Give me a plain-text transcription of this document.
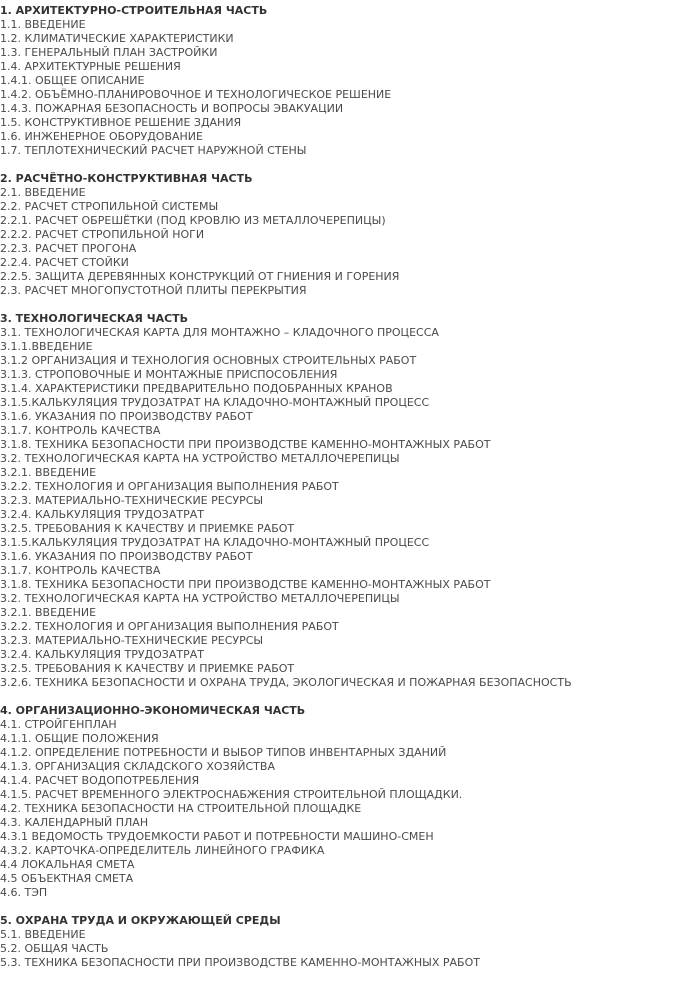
1. АРХИТЕКТУРНО-СТРОИТЕЛЬНАЯ ЧАСТЬ
1.1. ВВЕДЕНИЕ
1.2. КЛИМАТИЧЕСКИЕ ХАРАКТЕРИСТИКИ
1.3. ГЕНЕРАЛЬНЫЙ ПЛАН ЗАСТРОЙКИ
1.4. АРХИТЕКТУРНЫЕ РЕШЕНИЯ
1.4.1. ОБЩЕЕ ОПИСАНИЕ
1.4.2. ОБЪЁМНО-ПЛАНИРОВОЧНОЕ И ТЕХНОЛОГИЧЕСКОЕ РЕШЕНИЕ
1.4.3. ПОЖАРНАЯ БЕЗОПАСНОСТЬ И ВОПРОСЫ ЭВАКУАЦИИ
1.5. КОНСТРУКТИВНОЕ РЕШЕНИЕ ЗДАНИЯ
1.6. ИНЖЕНЕРНОЕ ОБОРУДОВАНИЕ
1.7. ТЕПЛОТЕХНИЧЕСКИЙ РАСЧЕТ НАРУЖНОЙ СТЕНЫ
2. РАСЧЁТНО-КОНСТРУКТИВНАЯ ЧАСТЬ
2.1. ВВЕДЕНИЕ
2.2. РАСЧЕТ СТРОПИЛЬНОЙ СИСТЕМЫ
2.2.1. РАСЧЕТ ОБРЕШЁТКИ (ПОД КРОВЛЮ ИЗ МЕТАЛЛОЧЕРЕПИЦЫ)
2.2.2. РАСЧЕТ СТРОПИЛЬНОЙ НОГИ
2.2.3. РАСЧЕТ ПРОГОНА
2.2.4. РАСЧЕТ СТОЙКИ
2.2.5. ЗАЩИТА ДЕРЕВЯННЫХ КОНСТРУКЦИЙ ОТ ГНИЕНИЯ И ГОРЕНИЯ
2.3. РАСЧЕТ МНОГОПУСТОТНОЙ ПЛИТЫ ПЕРЕКРЫТИЯ
3. ТЕХНОЛОГИЧЕСКАЯ ЧАСТЬ
3.1. ТЕХНОЛОГИЧЕСКАЯ КАРТА ДЛЯ МОНТАЖНО – КЛАДОЧНОГО ПРОЦЕССА
3.1.1.ВВЕДЕНИЕ
3.1.2 ОРГАНИЗАЦИЯ И ТЕХНОЛОГИЯ ОСНОВНЫХ СТРОИТЕЛЬНЫХ РАБОТ
3.1.3. СТРОПОВОЧНЫЕ И МОНТАЖНЫЕ ПРИСПОСОБЛЕНИЯ
3.1.4. ХАРАКТЕРИСТИКИ ПРЕДВАРИТЕЛЬНО ПОДОБРАННЫХ КРАНОВ
3.1.5.КАЛЬКУЛЯЦИЯ ТРУДОЗАТРАТ НА КЛАДОЧНО-МОНТАЖНЫЙ ПРОЦЕСС
3.1.6. УКАЗАНИЯ ПО ПРОИЗВОДСТВУ РАБОТ
3.1.7. КОНТРОЛЬ КАЧЕСТВА
3.1.8. ТЕХНИКА БЕЗОПАСНОСТИ ПРИ ПРОИЗВОДСТВЕ КАМЕННО-МОНТАЖНЫХ РАБОТ
3.2. ТЕХНОЛОГИЧЕСКАЯ КАРТА НА УСТРОЙСТВО МЕТАЛЛОЧЕРЕПИЦЫ
3.2.1. ВВЕДЕНИЕ
3.2.2. ТЕХНОЛОГИЯ И ОРГАНИЗАЦИЯ ВЫПОЛНЕНИЯ РАБОТ
3.2.3. МАТЕРИАЛЬНО-ТЕХНИЧЕСКИЕ РЕСУРСЫ
3.2.4. КАЛЬКУЛЯЦИЯ ТРУДОЗАТРАТ
3.2.5. ТРЕБОВАНИЯ К КАЧЕСТВУ И ПРИЕМКЕ РАБОТ
3.1.5.КАЛЬКУЛЯЦИЯ ТРУДОЗАТРАТ НА КЛАДОЧНО-МОНТАЖНЫЙ ПРОЦЕСС
3.1.6. УКАЗАНИЯ ПО ПРОИЗВОДСТВУ РАБОТ
3.1.7. КОНТРОЛЬ КАЧЕСТВА
3.1.8. ТЕХНИКА БЕЗОПАСНОСТИ ПРИ ПРОИЗВОДСТВЕ КАМЕННО-МОНТАЖНЫХ РАБОТ
3.2. ТЕХНОЛОГИЧЕСКАЯ КАРТА НА УСТРОЙСТВО МЕТАЛЛОЧЕРЕПИЦЫ
3.2.1. ВВЕДЕНИЕ
3.2.2. ТЕХНОЛОГИЯ И ОРГАНИЗАЦИЯ ВЫПОЛНЕНИЯ РАБОТ
3.2.3. МАТЕРИАЛЬНО-ТЕХНИЧЕСКИЕ РЕСУРСЫ
3.2.4. КАЛЬКУЛЯЦИЯ ТРУДОЗАТРАТ
3.2.5. ТРЕБОВАНИЯ К КАЧЕСТВУ И ПРИЕМКЕ РАБОТ
3.2.6. ТЕХНИКА БЕЗОПАСНОСТИ И ОХРАНА ТРУДА, ЭКОЛОГИЧЕСКАЯ И ПОЖАРНАЯ БЕЗОПАСНОСТЬ
4. ОРГАНИЗАЦИОННО-ЭКОНОМИЧЕСКАЯ ЧАСТЬ
4.1. СТРОЙГЕНПЛАН
4.1.1. ОБЩИЕ ПОЛОЖЕНИЯ
4.1.2. ОПРЕДЕЛЕНИЕ ПОТРЕБНОСТИ И ВЫБОР ТИПОВ ИНВЕНТАРНЫХ ЗДАНИЙ
4.1.3. ОРГАНИЗАЦИЯ СКЛАДСКОГО ХОЗЯЙСТВА
4.1.4. РАСЧЕТ ВОДОПОТРЕБЛЕНИЯ
4.1.5. РАСЧЕТ ВРЕМЕННОГО ЭЛЕКТРОСНАБЖЕНИЯ СТРОИТЕЛЬНОЙ ПЛОЩАДКИ.
4.2. ТЕХНИКА БЕЗОПАСНОСТИ НА СТРОИТЕЛЬНОЙ ПЛОЩАДКЕ
4.3. КАЛЕНДАРНЫЙ ПЛАН
4.3.1 ВЕДОМОСТЬ ТРУДОЕМКОСТИ РАБОТ И ПОТРЕБНОСТИ МАШИНО-СМЕН
4.3.2. КАРТОЧКА-ОПРЕДЕЛИТЕЛЬ ЛИНЕЙНОГО ГРАФИКА
4.4 ЛОКАЛЬНАЯ СМЕТА
4.5 ОБЪЕКТНАЯ СМЕТА
4.6. ТЭП
5. ОХРАНА ТРУДА И ОКРУЖАЮЩЕЙ СРЕДЫ
5.1. ВВЕДЕНИЕ
5.2. ОБЩАЯ ЧАСТЬ
5.3. ТЕХНИКА БЕЗОПАСНОСТИ ПРИ ПРОИЗВОДСТВЕ КАМЕННО-МОНТАЖНЫХ РАБОТ
